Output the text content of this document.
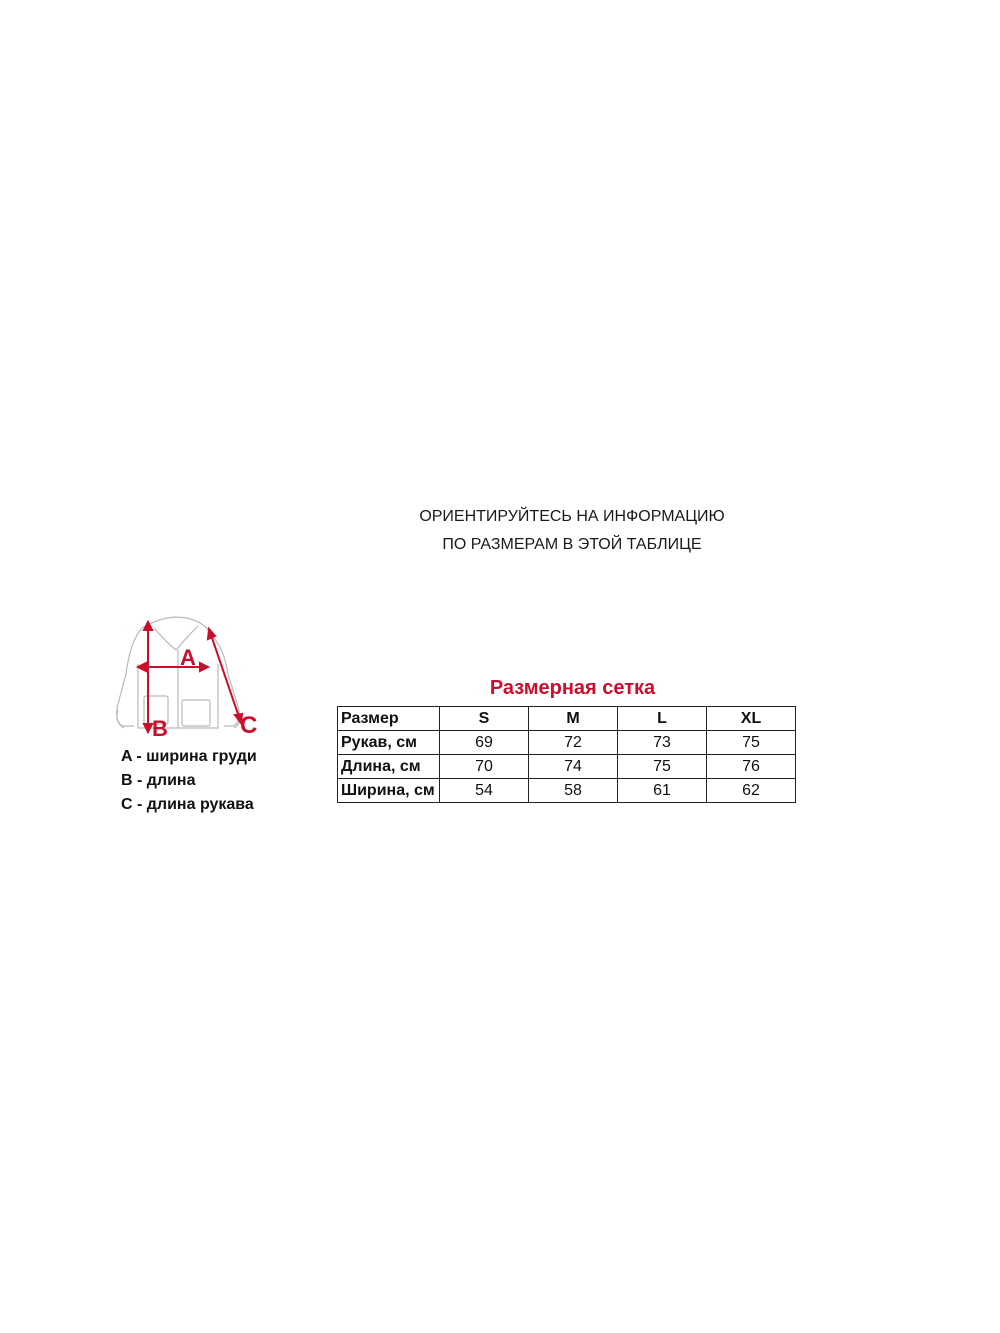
ОРИЕНТИРУЙТЕСЬ НА ИНФОРМАЦИЮ
ПО РАЗМЕРАМ В ЭТОЙ ТАБЛИЦЕ
A
B	C
A - ширина груди
B - длина
C - длина рукава
Размерная сетка
Размер	S	M	L	XL
Рукав, см	69	72	73	75
Длина, см	70	74	75	76
Ширина, см	54	58	61	62
